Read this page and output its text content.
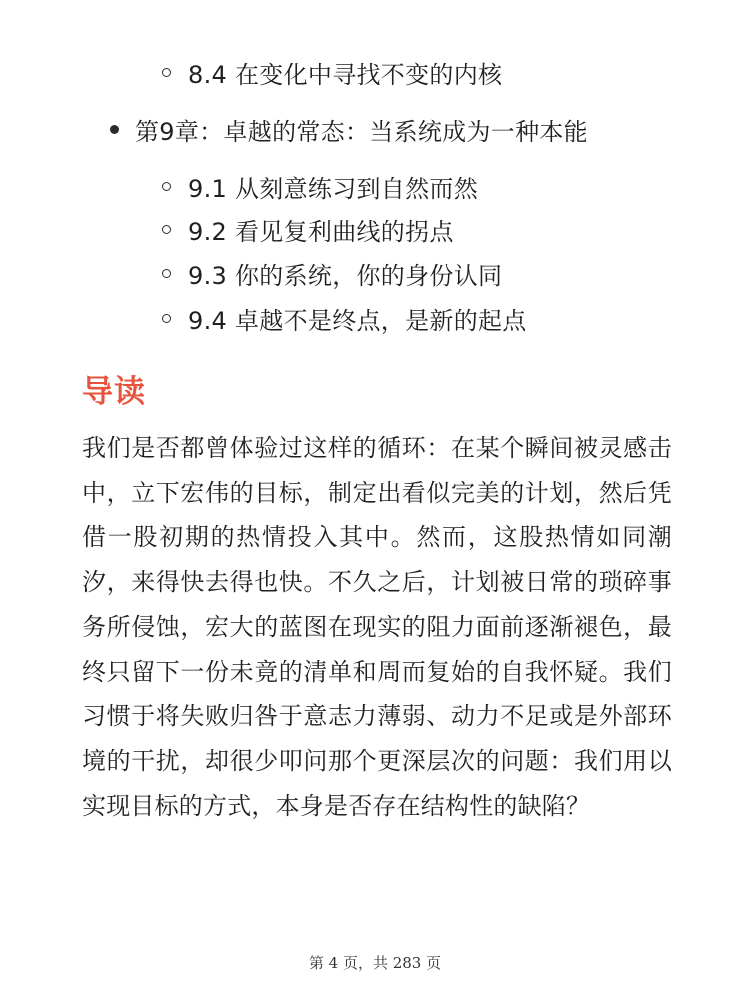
8.4 在变化中寻找不变的内核
第9章：卓越的常态：当系统成为一种本能
9.1 从刻意练习到自然而然
9.2 看见复利曲线的拐点
9.3 你的系统，你的身份认同
9.4 卓越不是终点，是新的起点
导读

我们是否都曾体验过这样的循环：在某个瞬间被灵感击中，立下宏伟的目标，制定出看似完美的计划，然后凭借一股初期的热情投入其中。然而，这股热情如同潮汐，来得快去得也快。不久之后，计划被日常的琐碎事务所侵蚀，宏大的蓝图在现实的阻力面前逐渐褪色，最终只留下一份未竟的清单和周而复始的自我怀疑。我们习惯于将失败归咎于意志力薄弱、动力不足或是外部环境的干扰，却很少叩问那个更深层次的问题：我们用以实现目标的方式，本身是否存在结构性的缺陷？

第 4 页，共 283 页
